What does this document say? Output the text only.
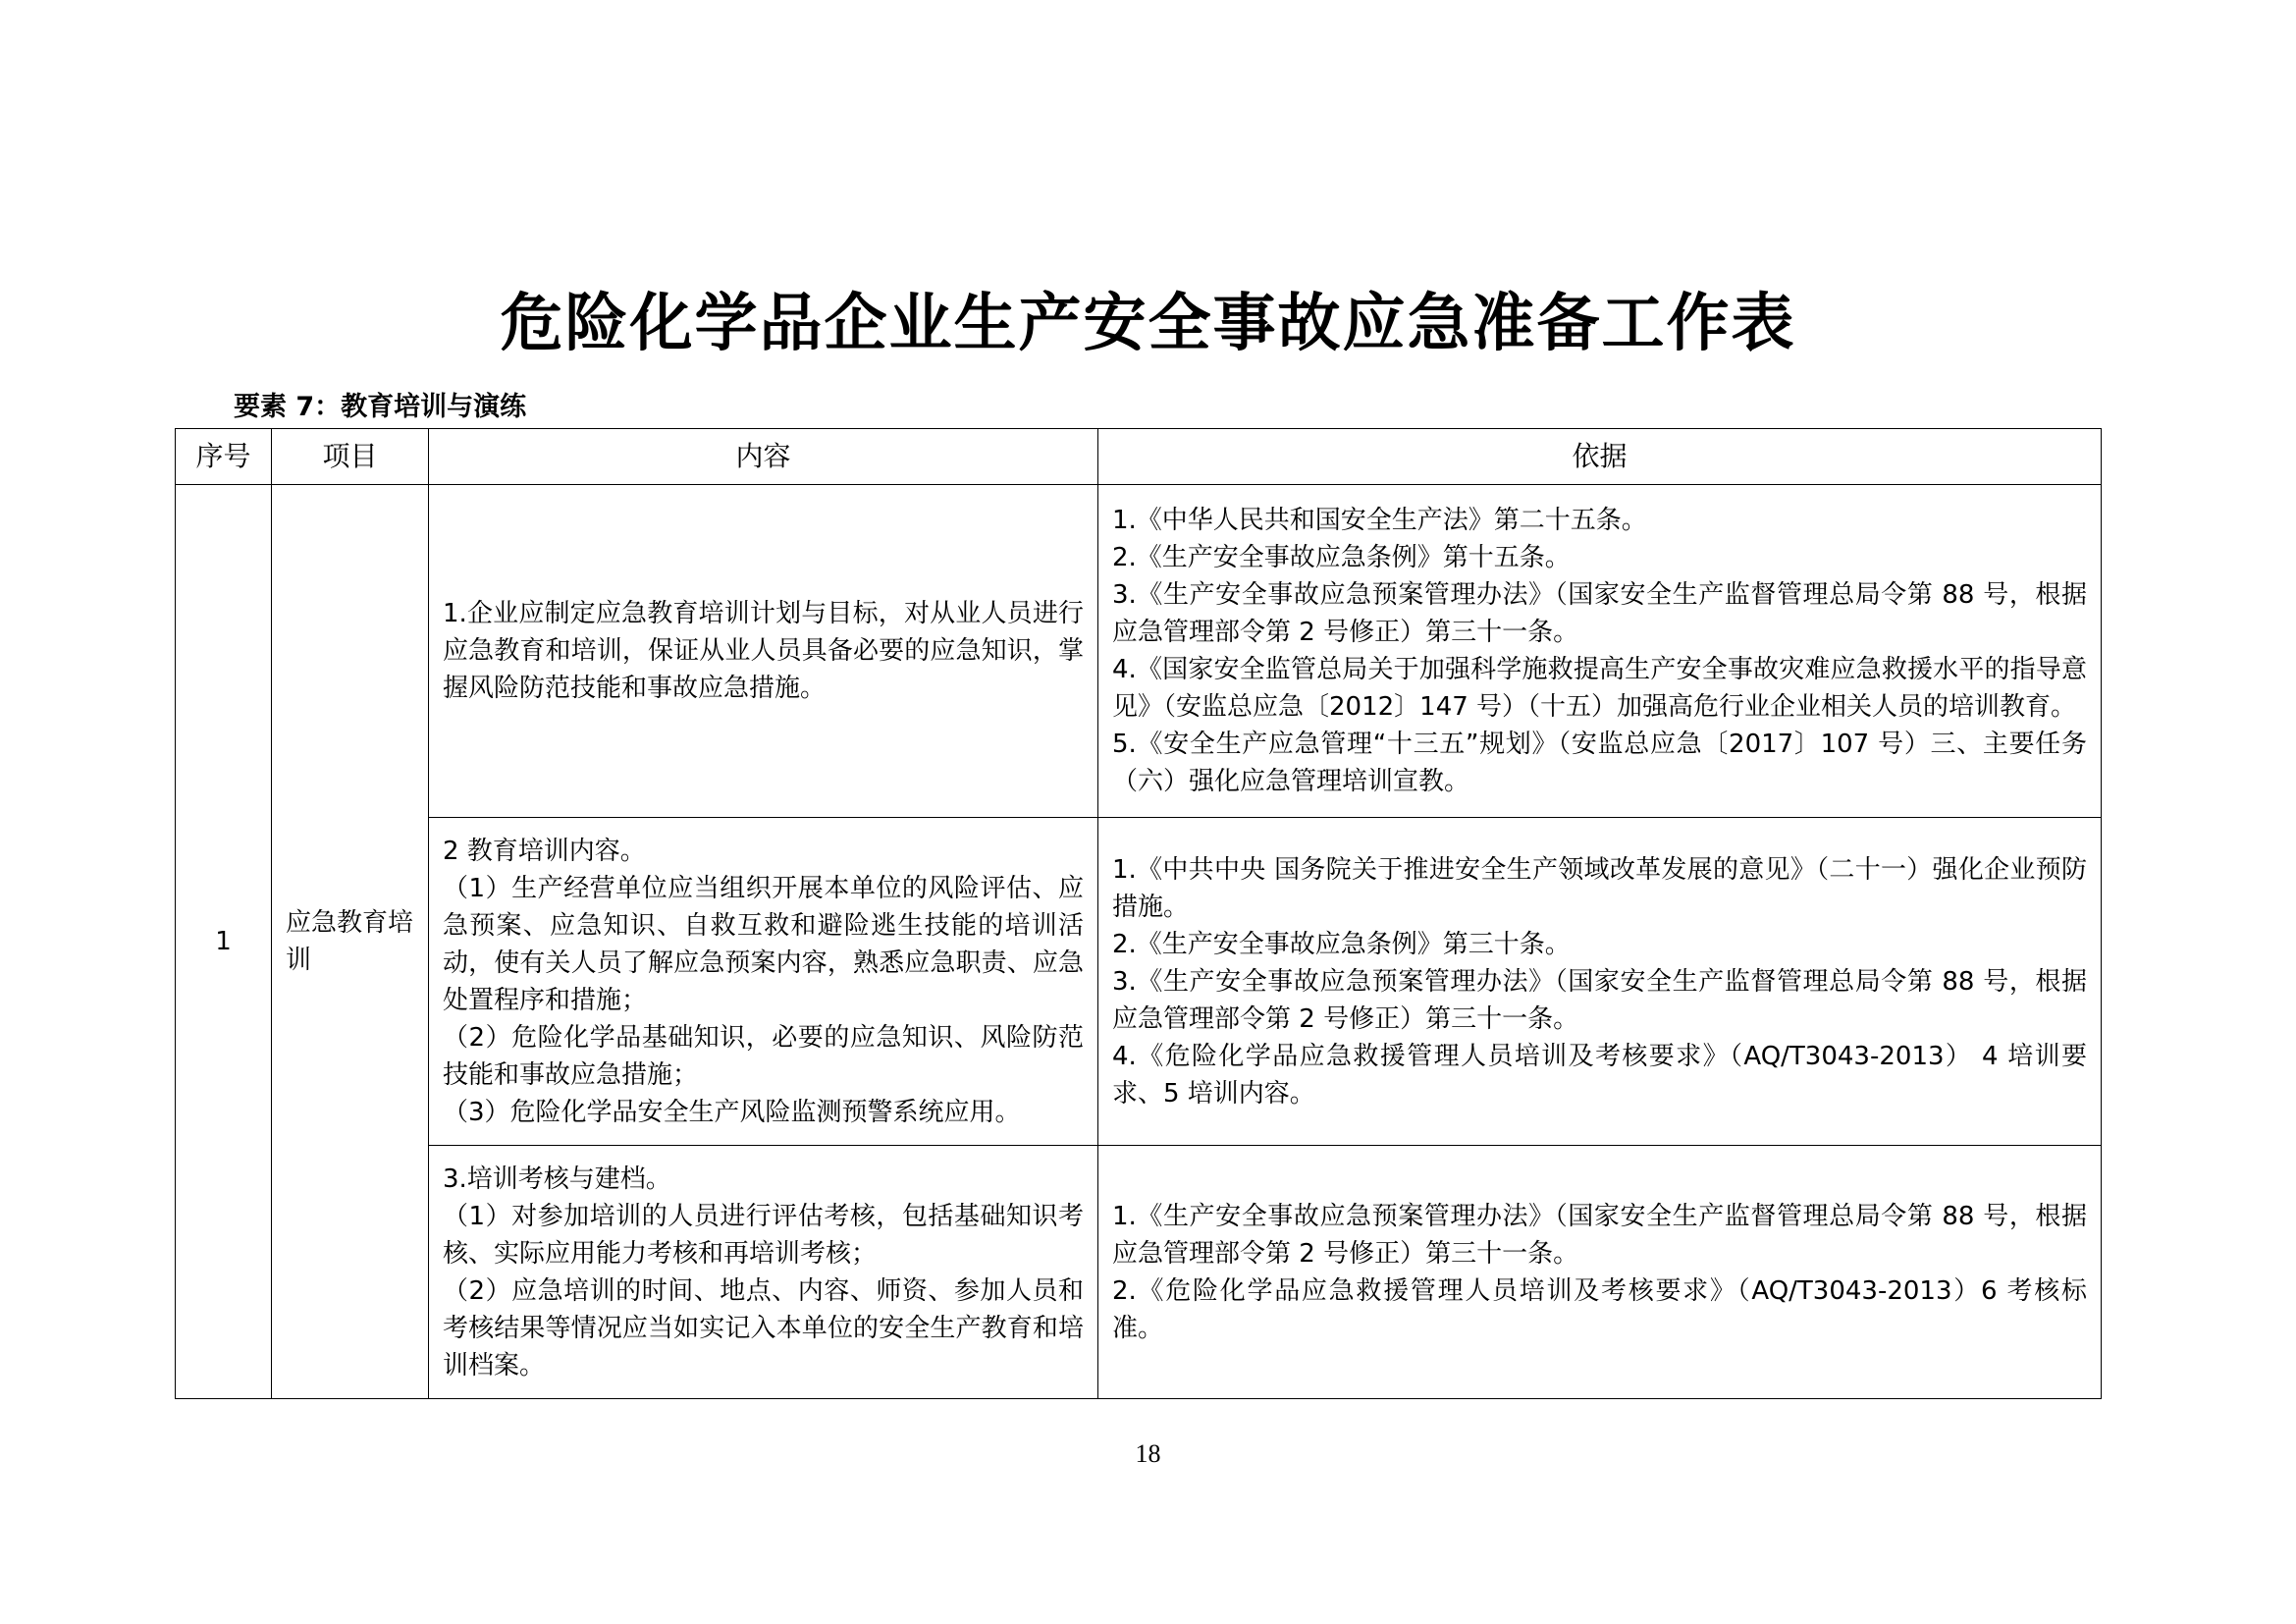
危险化学品企业生产安全事故应急准备工作表
要素 7：教育培训与演练
序号	项目	内容	依据
1	应急教育培训	1.企业应制定应急教育培训计划与目标，对从业人员进行应急教育和培训，保证从业人员具备必要的应急知识，掌握风险防范技能和事故应急措施。	1.《中华人民共和国安全生产法》第二十五条。
2.《生产安全事故应急条例》第十五条。
3.《生产安全事故应急预案管理办法》（国家安全生产监督管理总局令第 88 号，根据应急管理部令第 2 号修正）第三十一条。
4.《国家安全监管总局关于加强科学施救提高生产安全事故灾难应急救援水平的指导意见》（安监总应急〔2012〕147 号）（十五）加强高危行业企业相关人员的培训教育。
5.《安全生产应急管理“十三五”规划》（安监总应急〔2017〕107 号）三、主要任务（六）强化应急管理培训宣教。

		2 教育培训内容。
（1）生产经营单位应当组织开展本单位的风险评估、应急预案、应急知识、自救互救和避险逃生技能的培训活动，使有关人员了解应急预案内容，熟悉应急职责、应急处置程序和措施；
（2）危险化学品基础知识，必要的应急知识、风险防范技能和事故应急措施；
（3）危险化学品安全生产风险监测预警系统应用。	1.《中共中央 国务院关于推进安全生产领域改革发展的意见》（二十一）强化企业预防措施。
2.《生产安全事故应急条例》第三十条。
3.《生产安全事故应急预案管理办法》（国家安全生产监督管理总局令第 88 号，根据应急管理部令第 2 号修正）第三十一条。
4.《危险化学品应急救援管理人员培训及考核要求》（AQ/T3043-2013） 4 培训要求、5 培训内容。

		3.培训考核与建档。
（1）对参加培训的人员进行评估考核，包括基础知识考核、实际应用能力考核和再培训考核；
（2）应急培训的时间、地点、内容、师资、参加人员和考核结果等情况应当如实记入本单位的安全生产教育和培训档案。	1.《生产安全事故应急预案管理办法》（国家安全生产监督管理总局令第 88 号，根据应急管理部令第 2 号修正）第三十一条。
2.《危险化学品应急救援管理人员培训及考核要求》（AQ/T3043-2013）6 考核标准。
18
